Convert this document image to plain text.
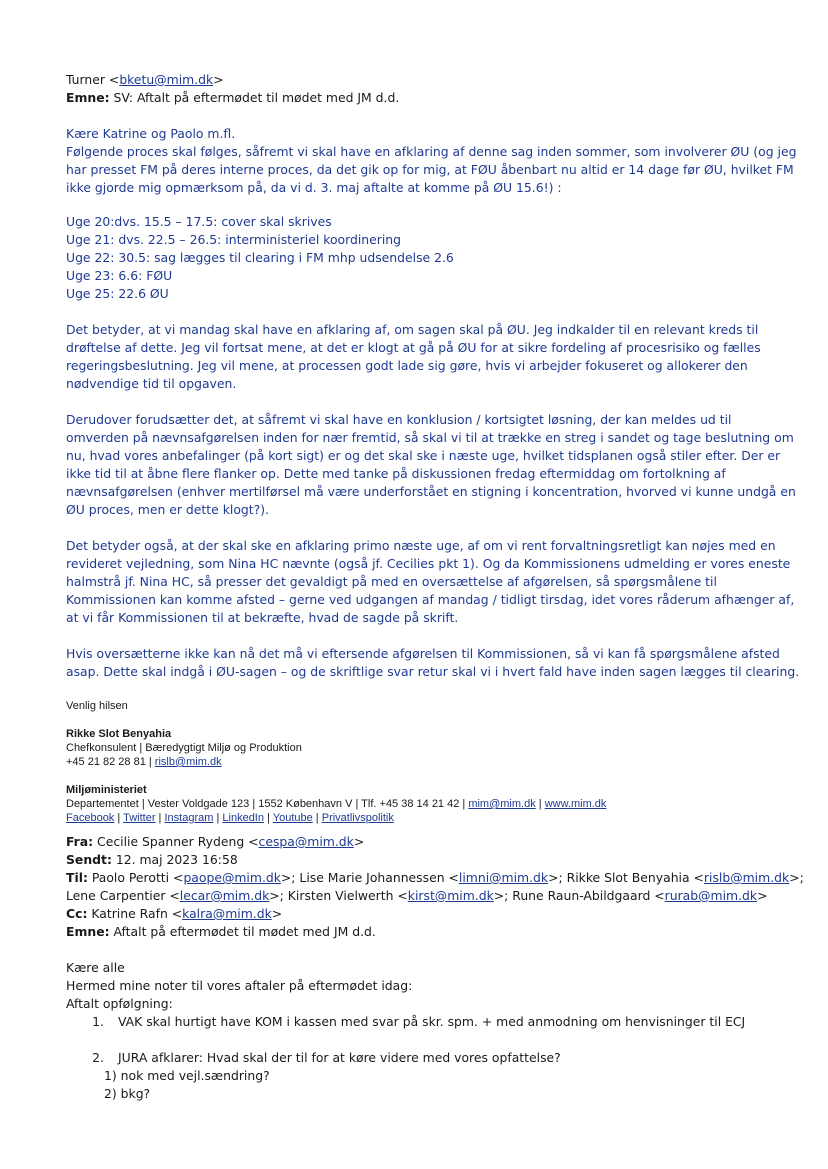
Turner <bketu@mim.dk>
Emne: SV: Aftalt på eftermødet til mødet med JM d.d.
Kære Katrine og Paolo m.fl.
Følgende proces skal følges, såfremt vi skal have en afklaring af denne sag inden sommer, som involverer ØU (og jeg
har presset FM på deres interne proces, da det gik op for mig, at FØU åbenbart nu altid er 14 dage før ØU, hvilket FM
ikke gjorde mig opmærksom på, da vi d. 3. maj aftalte at komme på ØU 15.6!) :
Uge 20:dvs. 15.5 – 17.5: cover skal skrives
Uge 21: dvs. 22.5 – 26.5: interministeriel koordinering
Uge 22: 30.5: sag lægges til clearing i FM mhp udsendelse 2.6
Uge 23: 6.6: FØU
Uge 25: 22.6 ØU
Det betyder, at vi mandag skal have en afklaring af, om sagen skal på ØU. Jeg indkalder til en relevant kreds til
drøftelse af dette. Jeg vil fortsat mene, at det er klogt at gå på ØU for at sikre fordeling af procesrisiko og fælles
regeringsbeslutning. Jeg vil mene, at processen godt lade sig gøre, hvis vi arbejder fokuseret og allokerer den
nødvendige tid til opgaven.
Derudover forudsætter det, at såfremt vi skal have en konklusion / kortsigtet løsning, der kan meldes ud til
omverden på nævnsafgørelsen inden for nær fremtid, så skal vi til at trække en streg i sandet og tage beslutning om
nu, hvad vores anbefalinger (på kort sigt) er og det skal ske i næste uge, hvilket tidsplanen også stiler efter. Der er
ikke tid til at åbne flere flanker op. Dette med tanke på diskussionen fredag eftermiddag om fortolkning af
nævnsafgørelsen (enhver mertilførsel må være underforstået en stigning i koncentration, hvorved vi kunne undgå en
ØU proces, men er dette klogt?).
Det betyder også, at der skal ske en afklaring primo næste uge, af om vi rent forvaltningsretligt kan nøjes med en
revideret vejledning, som Nina HC nævnte (også jf. Cecilies pkt 1). Og da Kommissionens udmelding er vores eneste
halmstrå jf. Nina HC, så presser det gevaldigt på med en oversættelse af afgørelsen, så spørgsmålene til
Kommissionen kan komme afsted – gerne ved udgangen af mandag / tidligt tirsdag, idet vores råderum afhænger af,
at vi får Kommissionen til at bekræfte, hvad de sagde på skrift.
Hvis oversætterne ikke kan nå det må vi eftersende afgørelsen til Kommissionen, så vi kan få spørgsmålene afsted
asap. Dette skal indgå i ØU-sagen – og de skriftlige svar retur skal vi i hvert fald have inden sagen lægges til clearing.
Venlig hilsen
Rikke Slot Benyahia
Chefkonsulent | Bæredygtigt Miljø og Produktion
+45 21 82 28 81 | rislb@mim.dk
Miljøministeriet
Departementet | Vester Voldgade 123 | 1552 København V | Tlf. +45 38 14 21 42 | mim@mim.dk | www.mim.dk
Facebook | Twitter | Instagram | LinkedIn | Youtube | Privatlivspolitik
Fra: Cecilie Spanner Rydeng <cespa@mim.dk>
Sendt: 12. maj 2023 16:58
Til: Paolo Perotti <paope@mim.dk>; Lise Marie Johannessen <limni@mim.dk>; Rikke Slot Benyahia <rislb@mim.dk>;
Lene Carpentier <lecar@mim.dk>; Kirsten Vielwerth <kirst@mim.dk>; Rune Raun-Abildgaard <rurab@mim.dk>
Cc: Katrine Rafn <kalra@mim.dk>
Emne: Aftalt på eftermødet til mødet med JM d.d.
Kære alle
Hermed mine noter til vores aftaler på eftermødet idag:
Aftalt opfølgning:
1. VAK skal hurtigt have KOM i kassen med svar på skr. spm. + med anmodning om henvisninger til ECJ
2. JURA afklarer: Hvad skal der til for at køre videre med vores opfattelse?
1) nok med vejl.sændring?
2) bkg?
